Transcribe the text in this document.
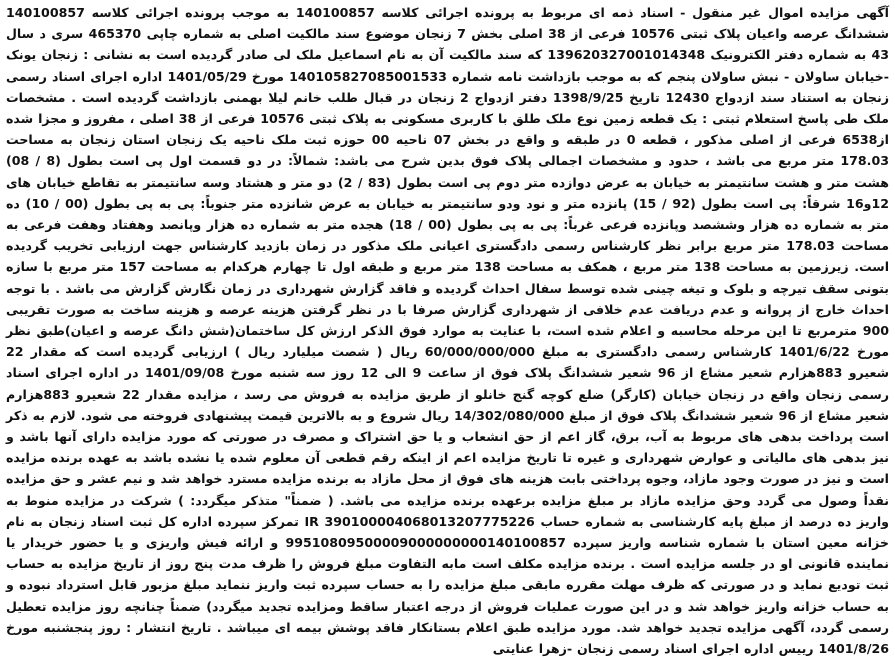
آگهی مزایده اموال غیر منقول - اسناد ذمه ای مربوط به پرونده اجرائی کلاسه 140100857 به موجب پرونده اجرائی کلاسه 140100857 ششدانگ عرصه واعیان پلاک ثبتی 10576 فرعی از 38 اصلی بخش 7 زنجان موضوع سند مالکیت اصلی به شماره چاپی 465370 سری د سال 43 به شماره دفتر الکترونیک 139620327001014348 که سند مالکیت آن به نام اسماعیل ملک لی صادر گردیده است به نشانی : زنجان یونک -خیابان ساولان - نبش ساولان پنجم که به موجب بازداشت نامه شماره 140105827085001533 مورخ 1401/05/29 اداره اجرای اسناد رسمی زنجان به استناد سند ازدواج 12430 تاریخ 1398/9/25 دفتر ازدواج 2 زنجان در قبال طلب خانم لیلا بهمنی بازداشت گردیده است . مشخصات ملک طی پاسخ استعلام ثبتی : یک قطعه زمین نوع ملک طلق با کاربری مسکونی به پلاک ثبتی 10576 فرعی از 38 اصلی ، مفروز و مجزا شده از6538 فرعی از اصلی مذکور ، قطعه 0 در طبقه و واقع در بخش 07 ناحیه 00 حوزه ثبت ملک ناحیه یک زنجان استان زنجان به مساحت 178.03 متر مربع می باشد ، حدود و مشخصات اجمالی پلاک فوق بدین شرح می باشد: شمالاً: در دو قسمت اول پی است بطول (8 / 08) هشت متر و هشت سانتیمتر به خیابان به عرض دوازده متر دوم پی است بطول (83 / 2) دو متر و هشتاد وسه سانتیمتر به تقاطع خیابان های 12و16 شرقاً: پی است بطول (92 / 15) پانزده متر و نود ودو سانتیمتر به خیابان به عرض شانزده متر جنوباً: پی به پی بطول (00 / 10) ده متر به شماره ده هزار وششصد وپانزده فرعی غرباً: پی به پی بطول (00 / 18) هجده متر به شماره ده هزار وپانصد وهفتاد وهفت فرعی به مساحت 178.03 متر مربع برابر نظر کارشناس رسمی دادگستری اعیانی ملک مذکور در زمان بازدید کارشناس جهت ارزیابی تخریب گردیده است. زیرزمین به مساحت 138 متر مربع ، همکف به مساحت 138 متر مربع و طبقه اول تا چهارم هرکدام به مساحت 157 متر مربع با سازه بتونی سقف تیرچه و بلوک و تیغه چینی شده توسط سفال احداث گردیده و فاقد گزارش شهرداری در زمان نگارش گزارش می باشد . با توجه احداث خارج از پروانه و عدم دریافت عدم خلافی از شهرداری گزارش صرفا با در نظر گرفتن هزینه عرصه و هزینه ساخت به صورت تقریبی 900 مترمربع تا این مرحله محاسبه و اعلام شده است، با عنایت به موارد فوق الذکر ارزش کل ساختمان(شش دانگ عرصه و اعیان)طبق نظر مورخ 1401/6/22 کارشناس رسمی دادگستری به مبلغ 60/000/000/000 ریال ( شصت میلیارد ریال ) ارزیابی گردیده است که مقدار 22 شعیرو 883هزارم شعیر مشاع از 96 شعیر ششدانگ پلاک فوق از ساعت 9 الی 12 روز سه شنبه مورخ 1401/09/08 در اداره اجرای اسناد رسمی زنجان واقع در زنجان خیابان (کارگر) ضلع کوچه گنج خانلو از طریق مزایده به فروش می رسد ، مزایده مقدار 22 شعیرو 883هزارم شعیر مشاع از 96 شعیر ششدانگ پلاک فوق از مبلغ 14/302/080/000 ریال شروع و به بالاترین قیمت پیشنهادی فروخته می شود. لازم به ذکر است پرداخت بدهی های مربوط به آب، برق، گاز اعم از حق انشعاب و یا حق اشتراک و مصرف در صورتی که مورد مزایده دارای آنها باشد و نیز بدهی های مالیاتی و عوارض شهرداری و غیره تا تاریخ مزایده اعم از اینکه رقم قطعی آن معلوم شده یا نشده باشد به عهده برنده مزایده است و نیز در صورت وجود مازاد، وجوه پرداختی بابت هزینه های فوق از محل مازاد به برنده مزایده مسترد خواهد شد و نیم عشر و حق مزایده نقداً وصول می گردد وحق مزایده مازاد بر مبلغ مزایده برعهده برنده مزایده می باشد. ( ضمناً" متذکر میگردد: ) شرکت در مزایده منوط به واریز ده درصد از مبلغ پایه کارشناسی به شماره حساب 390100004068013207775226 IR تمرکز سپرده اداره کل ثبت اسناد زنجان به نام خزانه معین استان با شماره شناسه واریز سپرده 99510809500009000000000140100857 و ارائه فیش واریزی و یا حضور خریدار یا نماینده قانونی او در جلسه مزایده است . برنده مزایده مکلف است مابه التفاوت مبلغ فروش را ظرف مدت پنج روز از تاریخ مزایده به حساب ثبت تودیع نماید و در صورتی که ظرف مهلت مقرره مابقی مبلغ مزایده را به حساب سپرده ثبت واریز ننماید مبلغ مزبور قابل استرداد نبوده و به حساب خزانه واریز خواهد شد و در این صورت عملیات فروش از درجه اعتبار ساقط ومزایده تجدید میگردد) ضمناً چنانچه روز مزایده تعطیل رسمی گردد، آگهی مزایده تجدید خواهد شد. مورد مزایده طبق اعلام بستانکار فاقد پوشش بیمه ای میباشد . تاریخ انتشار : روز پنجشنبه مورخ 1401/8/26 رییس اداره اجرای اسناد رسمی زنجان -زهرا عنایتی
